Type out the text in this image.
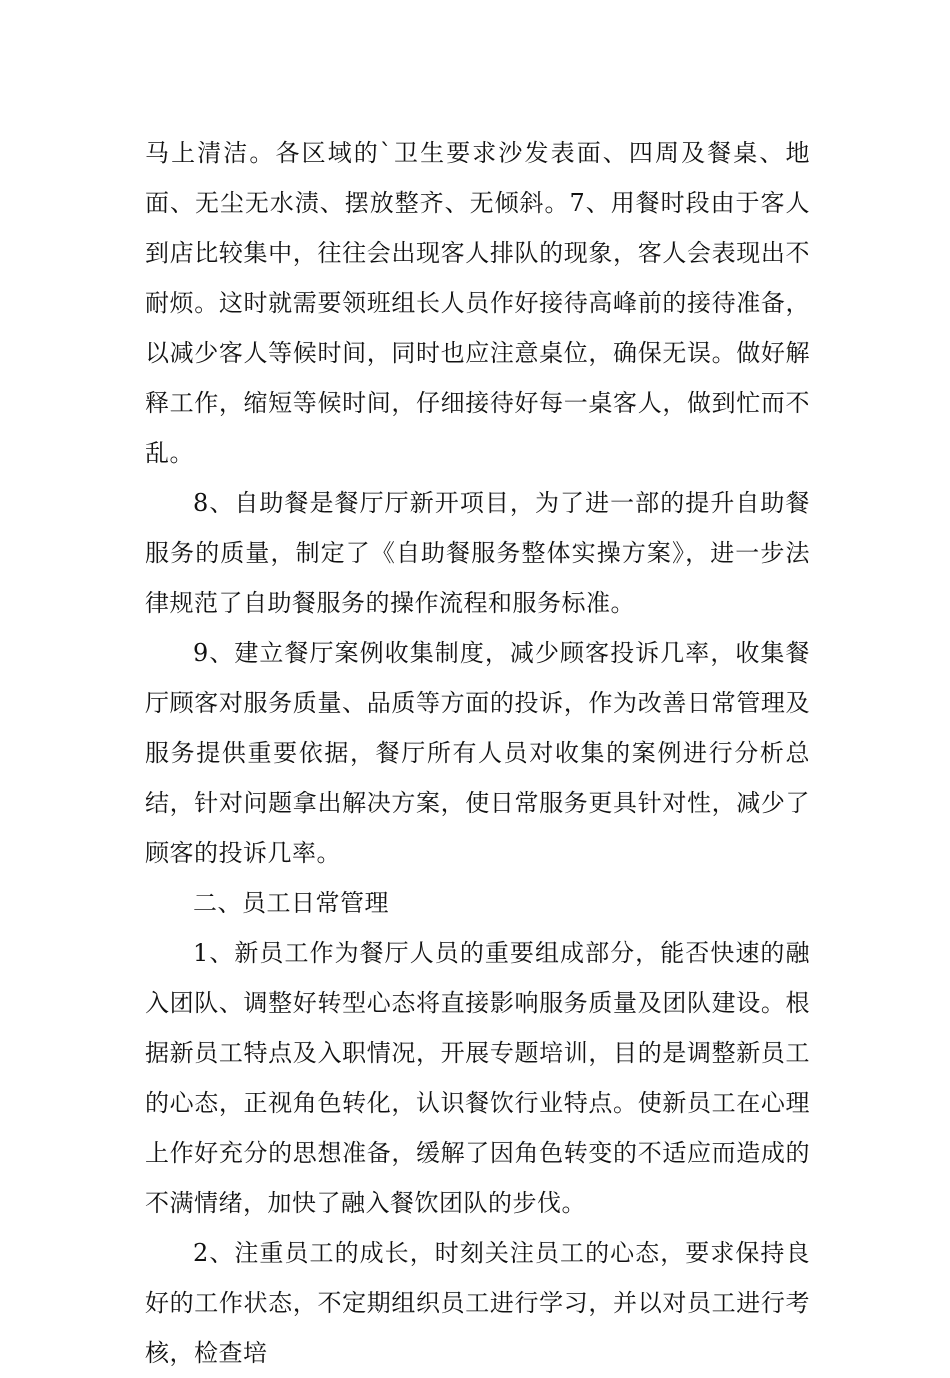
马上清洁。各区域的`卫生要求沙发表面、四周及餐桌、地面、无尘无水渍、摆放整齐、无倾斜。7、用餐时段由于客人到店比较集中，往往会出现客人排队的现象，客人会表现出不耐烦。这时就需要领班组长人员作好接待高峰前的接待准备，以减少客人等候时间，同时也应注意桌位，确保无误。做好解释工作，缩短等候时间，仔细接待好每一桌客人，做到忙而不乱。

8、自助餐是餐厅厅新开项目，为了进一部的提升自助餐服务的质量，制定了《自助餐服务整体实操方案》，进一步法律规范了自助餐服务的操作流程和服务标准。

9、建立餐厅案例收集制度，减少顾客投诉几率，收集餐厅顾客对服务质量、品质等方面的投诉，作为改善日常管理及服务提供重要依据，餐厅所有人员对收集的案例进行分析总结，针对问题拿出解决方案，使日常服务更具针对性，减少了顾客的投诉几率。

二、员工日常管理

1、新员工作为餐厅人员的重要组成部分，能否快速的融入团队、调整好转型心态将直接影响服务质量及团队建设。根据新员工特点及入职情况，开展专题培训，目的是调整新员工的心态，正视角色转化，认识餐饮行业特点。使新员工在心理上作好充分的思想准备，缓解了因角色转变的不适应而造成的不满情绪，加快了融入餐饮团队的步伐。

2、注重员工的成长，时刻关注员工的心态，要求保持良好的工作状态，不定期组织员工进行学习，并以对员工进行考核，检查培
